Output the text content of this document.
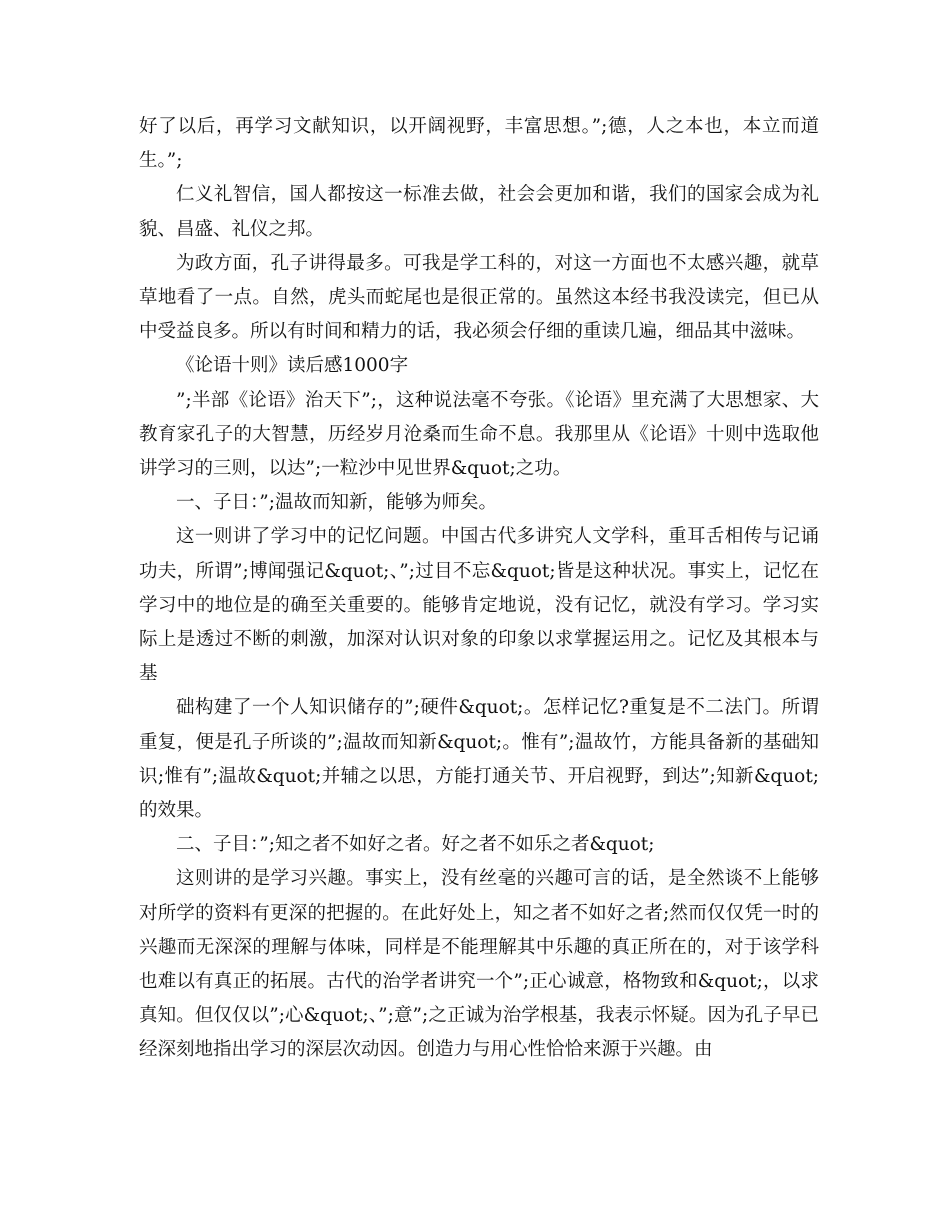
好了以后，再学习文献知识，以开阔视野，丰富思想。”;德，人之本也，本立而道生。”;

仁义礼智信，国人都按这一标准去做，社会会更加和谐，我们的国家会成为礼貌、昌盛、礼仪之邦。

为政方面，孔子讲得最多。可我是学工科的，对这一方面也不太感兴趣，就草草地看了一点。自然，虎头而蛇尾也是很正常的。虽然这本经书我没读完，但已从中受益良多。所以有时间和精力的话，我必须会仔细的重读几遍，细品其中滋味。

《论语十则》读后感1000字

”;半部《论语》治天下”;，这种说法毫不夸张。《论语》里充满了大思想家、大教育家孔子的大智慧，历经岁月沧桑而生命不息。我那里从《论语》十则中选取他讲学习的三则，以达”;一粒沙中见世界&quot;之功。

一、子日：”;温故而知新，能够为师矣。

这一则讲了学习中的记忆问题。中国古代多讲究人文学科，重耳舌相传与记诵功夫，所谓”;博闻强记&quot;、”;过目不忘&quot;皆是这种状况。事实上，记忆在学习中的地位是的确至关重要的。能够肯定地说，没有记忆，就没有学习。学习实际上是透过不断的刺激，加深对认识对象的印象以求掌握运用之。记忆及其根本与基

础构建了一个人知识储存的”;硬件&quot;。怎样记忆?重复是不二法门。所谓重复，便是孔子所谈的”;温故而知新&quot;。惟有”;温故竹，方能具备新的基础知识;惟有”;温故&quot;并辅之以思，方能打通关节、开启视野，到达”;知新&quot;的效果。

二、子目：”;知之者不如好之者。好之者不如乐之者&quot;

这则讲的是学习兴趣。事实上，没有丝毫的兴趣可言的话，是全然谈不上能够对所学的资料有更深的把握的。在此好处上，知之者不如好之者;然而仅仅凭一时的兴趣而无深深的理解与体味，同样是不能理解其中乐趣的真正所在的，对于该学科也难以有真正的拓展。古代的治学者讲究一个”;正心诚意，格物致和&quot;，以求真知。但仅仅以”;心&quot;、”;意”;之正诚为治学根基，我表示怀疑。因为孔子早已经深刻地指出学习的深层次动因。创造力与用心性恰恰来源于兴趣。由
